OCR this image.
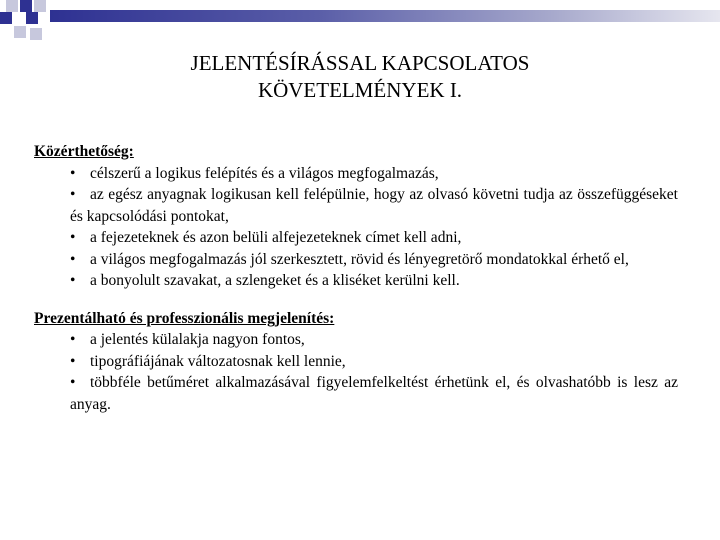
JELENTÉSÍRÁSSAL KAPCSOLATOS
KÖVETELMÉNYEK I.

Közérthetőség:

• célszerű a logikus felépítés és a világos megfogalmazás,
• az egész anyagnak logikusan kell felépülnie, hogy az olvasó követni tudja az összefüggéseket és kapcsolódási pontokat,
• a fejezeteknek és azon belüli alfejezeteknek címet kell adni,
• a világos megfogalmazás jól szerkesztett, rövid és lényegretörő mondatokkal érhető el,
• a bonyolult szavakat, a szlengeket és a kliséket kerülni kell.

Prezentálható és professzionális megjelenítés:

• a jelentés külalakja nagyon fontos,
• tipográfiájának változatosnak kell lennie,
• többféle betűméret alkalmazásával figyelemfelkeltést érhetünk el, és olvashatóbb is lesz az anyag.
